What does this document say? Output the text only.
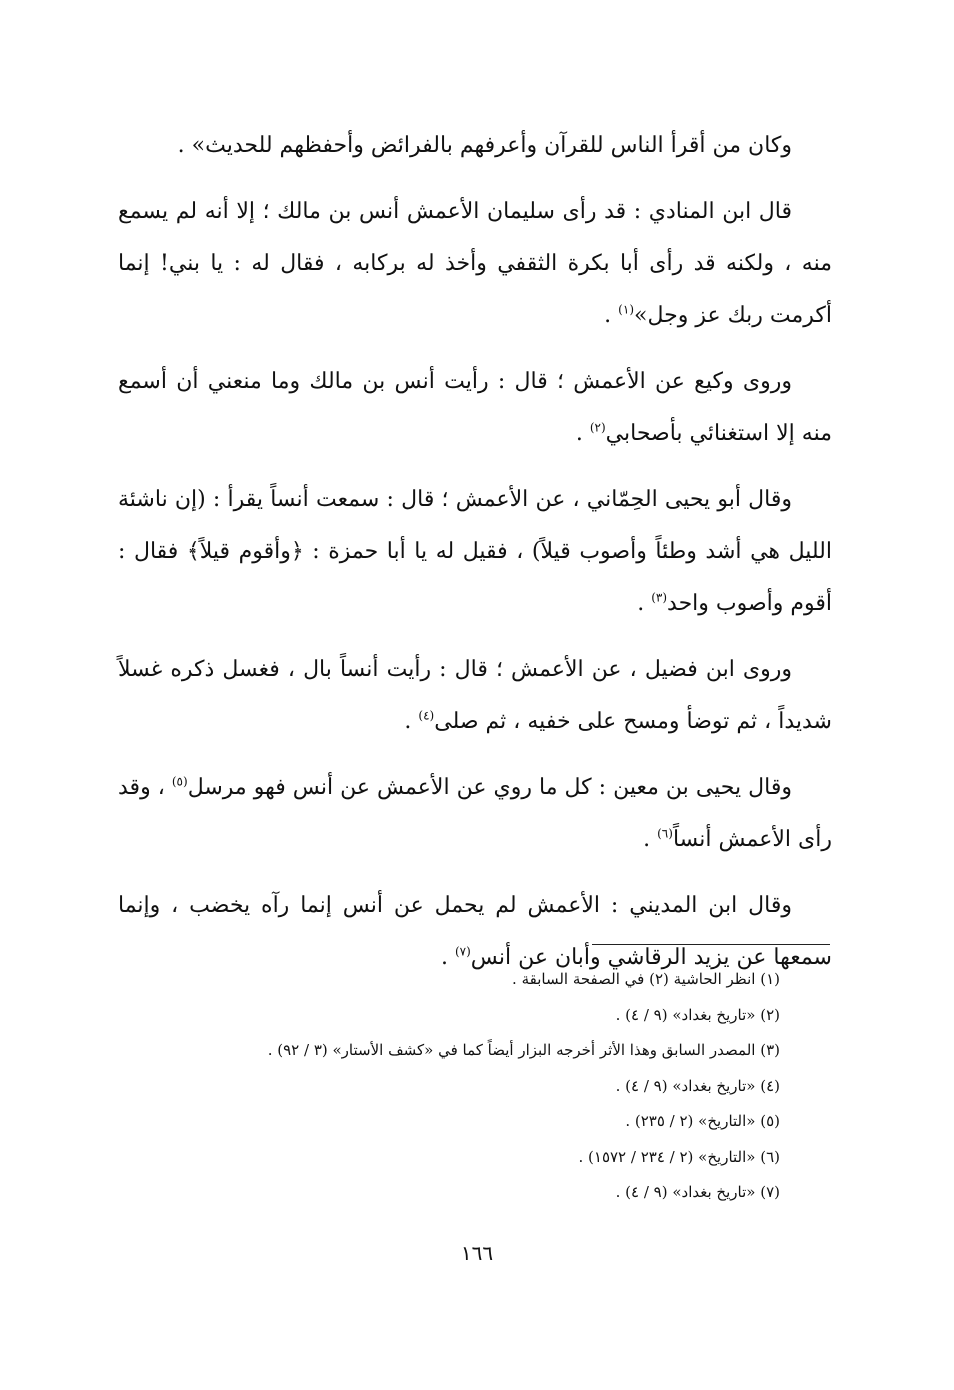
وكان من أقرأ الناس للقرآن وأعرفهم بالفرائض وأحفظهم للحديث» .

قال ابن المنادي : قد رأى سليمان الأعمش أنس بن مالك ؛ إلا أنه لم يسمع منه ، ولكنه قد رأى أبا بكرة الثقفي وأخذ له بركابه ، فقال له : يا بني! إنما أكرمت ربك عز وجل»$^{(١)}$ .

وروى وكيع عن الأعمش ؛ قال : رأيت أنس بن مالك وما منعني أن أسمع منه إلا استغنائي بأصحابي$^{(٢)}$ .

وقال أبو يحيى الحِمّاني ، عن الأعمش ؛ قال : سمعت أنساً يقرأ : (إن ناشئة الليل هي أشد وطئاً وأصوب قيلاً) ، فقيل له يا أبا حمزة : ﴿وأقوم قيلاً﴾ فقال : أقوم وأصوب واحد$^{(٣)}$ .

وروى ابن فضيل ، عن الأعمش ؛ قال : رأيت أنساً بال ، فغسل ذكره غسلاً شديداً ، ثم توضأ ومسح على خفيه ، ثم صلى$^{(٤)}$ .

وقال يحيى بن معين : كل ما روي عن الأعمش عن أنس فهو مرسل$^{(٥)}$ ، وقد رأى الأعمش أنساً$^{(٦)}$ .

وقال ابن المديني : الأعمش لم يحمل عن أنس إنما رآه يخضب ، وإنما سمعها عن يزيد الرقاشي وأبان عن أنس$^{(٧)}$ .

(١) انظر الحاشية (٢) في الصفحة السابقة .

(٢) «تاريخ بغداد» (٩ / ٤) .

(٣) المصدر السابق وهذا الأثر أخرجه البزار أيضاً كما في «كشف الأستار» (٣ / ٩٢) .

(٤) «تاريخ بغداد» (٩ / ٤) .

(٥) «التاريخ» (٢ / ٢٣٥) .

(٦) «التاريخ» (٢ / ٢٣٤ / ١٥٧٢) .

(٧) «تاريخ بغداد» (٩ / ٤) .

١٦٦
